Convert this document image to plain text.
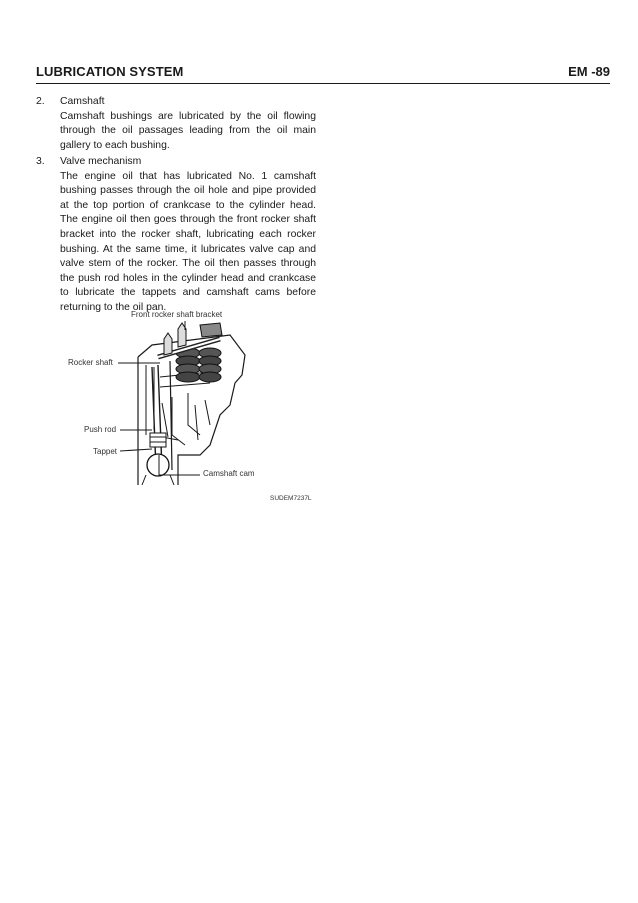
LUBRICATION SYSTEM	EM -89
2. Camshaft
Camshaft bushings are lubricated by the oil flowing through the oil passages leading from the oil main gallery to each bushing.
3. Valve mechanism
The engine oil that has lubricated No. 1 camshaft bushing passes through the oil hole and pipe provided at the top portion of crankcase to the cylinder head. The engine oil then goes through the front rocker shaft bracket into the rocker shaft, lubricating each rocker bushing. At the same time, it lubricates valve cap and valve stem of the rocker. The oil then passes through the push rod holes in the cylinder head and crankcase to lubricate the tappets and camshaft cams before returning to the oil pan.
Front rocker shaft bracket
Rocker shaft
Push rod
Tappet
Camshaft cam
SUDEM7237L
